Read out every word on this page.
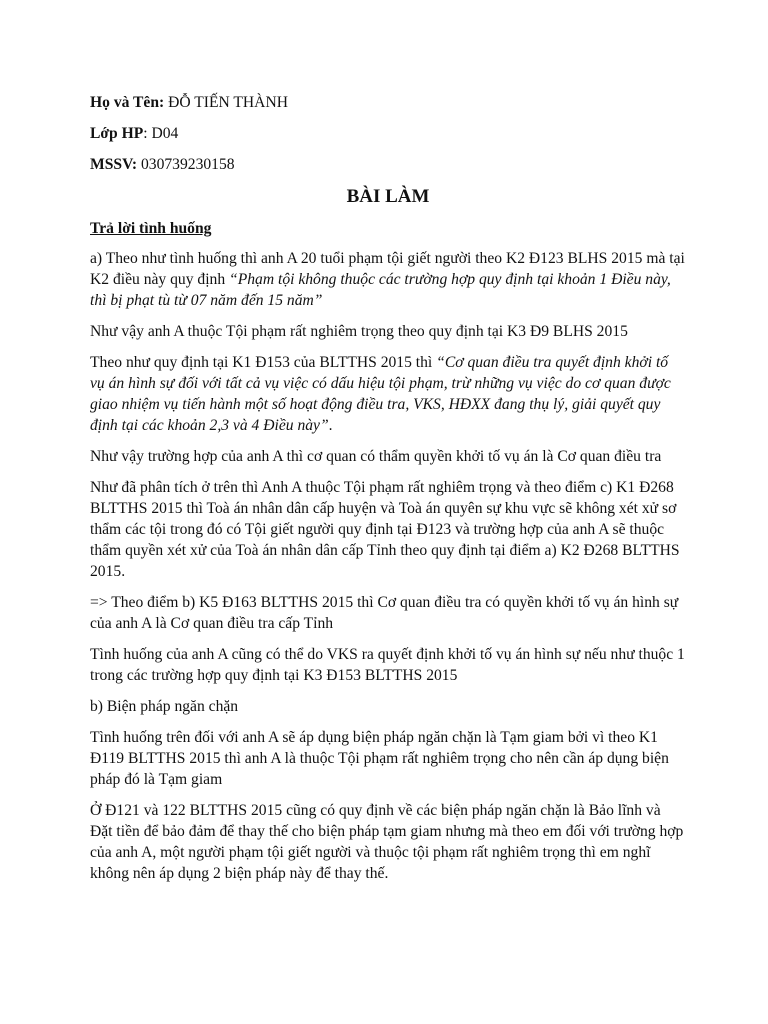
Họ và Tên: ĐỖ TIẾN THÀNH
Lớp HP: D04
MSSV: 030739230158
BÀI LÀM
Trả lời tình huống

a) Theo như tình huống thì anh A 20 tuổi phạm tội giết người theo K2 Đ123 BLHS 2015 mà tại K2 điều này quy định “Phạm tội không thuộc các trường hợp quy định tại khoản 1 Điều này, thì bị phạt tù từ 07 năm đến 15 năm”

Như vậy anh A thuộc Tội phạm rất nghiêm trọng theo quy định tại K3 Đ9 BLHS 2015

Theo như quy định tại K1 Đ153 của BLTTHS 2015 thì “Cơ quan điều tra quyết định khởi tố vụ án hình sự đối với tất cả vụ việc có dấu hiệu tội phạm, trừ những vụ việc do cơ quan được giao nhiệm vụ tiến hành một số hoạt động điều tra, VKS, HĐXX đang thụ lý, giải quyết quy định tại các khoản 2,3 và 4 Điều này”.

Như vậy trường hợp của anh A thì cơ quan có thẩm quyền khởi tố vụ án là Cơ quan điều tra

Như đã phân tích ở trên thì Anh A thuộc Tội phạm rất nghiêm trọng và theo điểm c) K1 Đ268 BLTTHS 2015 thì Toà án nhân dân cấp huyện và Toà án quyên sự khu vực sẽ không xét xử sơ thẩm các tội trong đó có Tội giết người quy định tại Đ123 và trường hợp của anh A sẽ thuộc thẩm quyền xét xử của Toà án nhân dân cấp Tỉnh theo quy định tại điểm a) K2 Đ268 BLTTHS 2015.

=> Theo điểm b) K5 Đ163 BLTTHS 2015 thì Cơ quan điều tra có quyền khởi tố vụ án hình sự của anh A là Cơ quan điều tra cấp Tỉnh

Tình huống của anh A cũng có thể do VKS ra quyết định khởi tố vụ án hình sự nếu như thuộc 1 trong các trường hợp quy định tại K3 Đ153 BLTTHS 2015

b) Biện pháp ngăn chặn

Tình huống trên đối với anh A sẽ áp dụng biện pháp ngăn chặn là Tạm giam bởi vì theo K1 Đ119 BLTTHS 2015 thì anh A là thuộc Tội phạm rất nghiêm trọng cho nên cần áp dụng biện pháp đó là Tạm giam

Ở Đ121 và 122 BLTTHS 2015 cũng có quy định về các biện pháp ngăn chặn là Bảo lĩnh và Đặt tiền để bảo đảm để thay thế cho biện pháp tạm giam nhưng mà theo em đối với trường hợp của anh A, một người phạm tội giết người và thuộc tội phạm rất nghiêm trọng thì em nghĩ không nên áp dụng 2 biện pháp này để thay thế.
